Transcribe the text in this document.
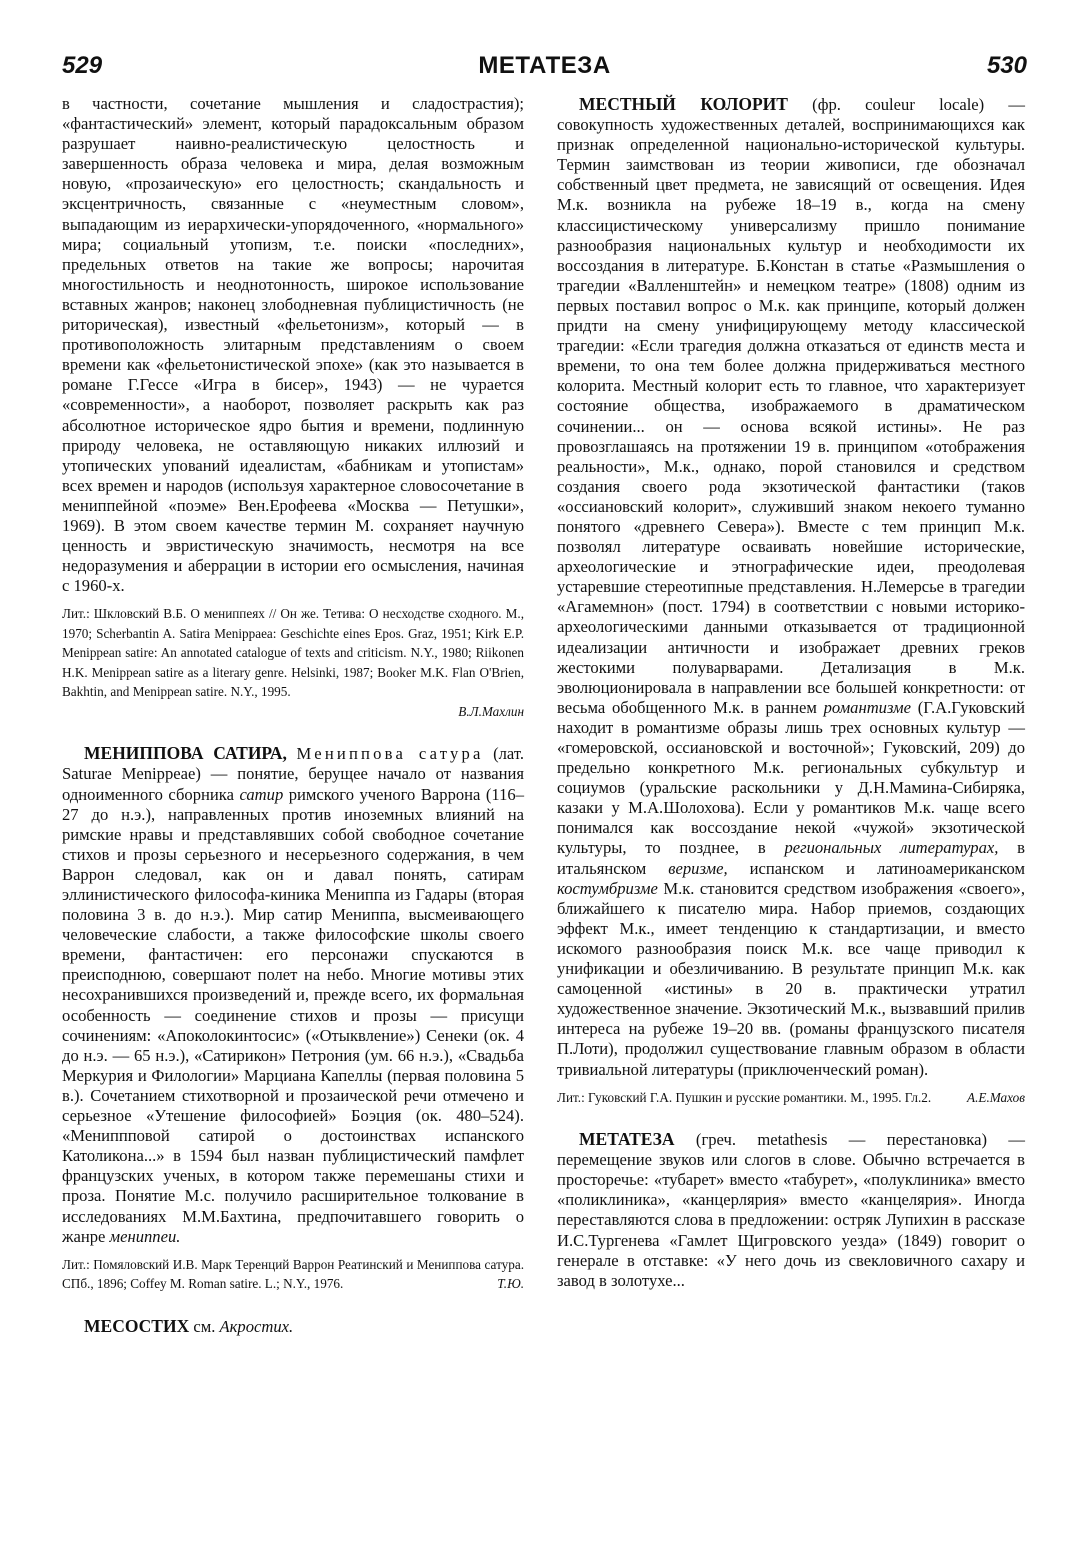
529	МЕТАТЕЗА	530

в частности, сочетание мышления и сладострастия); «фантастический» элемент, который парадоксальным образом разрушает наивно-реалистическую целостность и завершенность образа человека и мира, делая возможным новую, «прозаическую» его целостность; скандальность и эксцентричность, связанные с «неуместным словом», выпадающим из иерархически-упорядоченного, «нормального» мира; социальный утопизм, т.е. поиски «последних», предельных ответов на такие же вопросы; нарочитая многостильность и неоднотонность, широкое использование вставных жанров; наконец злободневная публицистичность (не риторическая), известный «фельетонизм», который — в противоположность элитарным представлениям о своем времени как «фельетонистической эпохе» (как это называется в романе Г.Гессе «Игра в бисер», 1943) — не чурается «современности», а наоборот, позволяет раскрыть как раз абсолютное историческое ядро бытия и времени, подлинную природу человека, не оставляющую никаких иллюзий и утопических упований идеалистам, «бабникам и утопистам» всех времен и народов (используя характерное словосочетание в мениппейной «поэме» Вен.Ерофеева «Москва — Петушки», 1969). В этом своем качестве термин М. сохраняет научную ценность и эвристическую значимость, несмотря на все недоразумения и аберрации в истории его осмысления, начиная с 1960-х.

Лит.: Шкловский В.Б. О мениппеях // Он же. Тетива: О несходстве сходного. М., 1970; Scherbantin A. Satira Menippaea: Geschichte eines Epos. Graz, 1951; Kirk E.P. Menippean satire: An annotated catalogue of texts and criticism. N.Y., 1980; Riikonen H.K. Menippean satire as a literary genre. Helsinki, 1987; Booker M.K. Flan O'Brien, Bakhtin, and Menippean satire. N.Y., 1995.
В.Л.Махлин

МЕНИППОВА САТИРА, Мениппова сатура (лат. Saturae Menippeae) — понятие, берущее начало от названия одноименного сборника сатир римского ученого Варрона (116–27 до н.э.), направленных против иноземных влияний на римские нравы и представлявших собой свободное сочетание стихов и прозы серьезного и несерьезного содержания, в чем Варрон следовал, как он и давал понять, сатирам эллинистического философа-киника Мениппа из Гадары (вторая половина 3 в. до н.э.). Мир сатир Мениппа, высмеивающего человеческие слабости, а также философские школы своего времени, фантастичен: его персонажи спускаются в преисподнюю, совершают полет на небо. Многие мотивы этих несохранившихся произведений и, прежде всего, их формальная особенность — соединение стихов и прозы — присущи сочинениям: «Апоколокинтосис» («Отыквление») Сенеки (ок. 4 до н.э. — 65 н.э.), «Сатирикон» Петрония (ум. 66 н.э.), «Свадьба Меркурия и Филологии» Марциана Капеллы (первая половина 5 в.). Сочетанием стихотворной и прозаической речи отмечено и серьезное «Утешение философией» Боэция (ок. 480–524). «Мениппповой сатирой о достоинствах испанского Католикона...» в 1594 был назван публицистический памфлет французских ученых, в котором также перемешаны стихи и проза. Понятие М.с. получило расширительное толкование в исследованиях М.М.Бахтина, предпочитавшего говорить о жанре мениппеи.

Лит.: Помяловский И.В. Марк Теренций Варрон Реатинский и Мениппова сатура. СПб., 1896; Coffey M. Roman satire. L.; N.Y., 1976.	Т.Ю.

МЕСОСТИХ см. Акростих.

МЕСТНЫЙ КОЛОРИТ (фр. couleur locale) — совокупность художественных деталей, воспринимающихся как признак определенной национально-исторической культуры. Термин заимствован из теории живописи, где обозначал собственный цвет предмета, не зависящий от освещения. Идея М.к. возникла на рубеже 18–19 в., когда на смену классицистическому универсализму пришло понимание разнообразия национальных культур и необходимости их воссоздания в литературе. Б.Констан в статье «Размышления о трагедии «Валленштейн» и немецком театре» (1808) одним из первых поставил вопрос о М.к. как принципе, который должен придти на смену унифицирующему методу классической трагедии: «Если трагедия должна отказаться от единств места и времени, то она тем более должна придерживаться местного колорита. Местный колорит есть то главное, что характеризует состояние общества, изображаемого в драматическом сочинении... он — основа всякой истины». Не раз провозглашаясь на протяжении 19 в. принципом «отображения реальности», М.к., однако, порой становился и средством создания своего рода экзотической фантастики (таков «оссиановский колорит», служивший знаком некоего туманно понятого «древнего Севера»). Вместе с тем принцип М.к. позволял литературе осваивать новейшие исторические, археологические и этнографические идеи, преодолевая устаревшие стереотипные представления. Н.Лемерсье в трагедии «Агамемнон» (пост. 1794) в соответствии с новыми историко-археологическими данными отказывается от традиционной идеализации античности и изображает древних греков жестокими полуварварами. Детализация в М.к. эволюционировала в направлении все большей конкретности: от весьма обобщенного М.к. в раннем романтизме (Г.А.Гуковский находит в романтизме образы лишь трех основных культур — «гомеровской, оссиановской и восточной»; Гуковский, 209) до предельно конкретного М.к. региональных субкультур и социумов (уральские раскольники у Д.Н.Мамина-Сибиряка, казаки у М.А.Шолохова). Если у романтиков М.к. чаще всего понимался как воссоздание некой «чужой» экзотической культуры, то позднее, в региональных литературах, в итальянском веризме, испанском и латиноамериканском костумбризме М.к. становится средством изображения «своего», ближайшего к писателю мира. Набор приемов, создающих эффект М.к., имеет тенденцию к стандартизации, и вместо искомого разнообразия поиск М.к. все чаще приводил к унификации и обезличиванию. В результате принцип М.к. как самоценной «истины» в 20 в. практически утратил художественное значение. Экзотический М.к., вызвавший прилив интереса на рубеже 19–20 вв. (романы французского писателя П.Лоти), продолжил существование главным образом в области тривиальной литературы (приключенческий роман).

Лит.: Гуковский Г.А. Пушкин и русские романтики. М., 1995. Гл.2.	А.Е.Махов

МЕТАТЕЗА (греч. metathesis — перестановка) — перемещение звуков или слогов в слове. Обычно встречается в просторечье: «тубарет» вместо «табурет», «полуклиника» вместо «поликлиника», «канцерлярия» вместо «канцелярия». Иногда переставляются слова в предложении: остряк Лупихин в рассказе И.С.Тургенева «Гамлет Щигровского уезда» (1849) говорит о генерале в отставке: «У него дочь из свекловичного сахару и завод в золотухе...
